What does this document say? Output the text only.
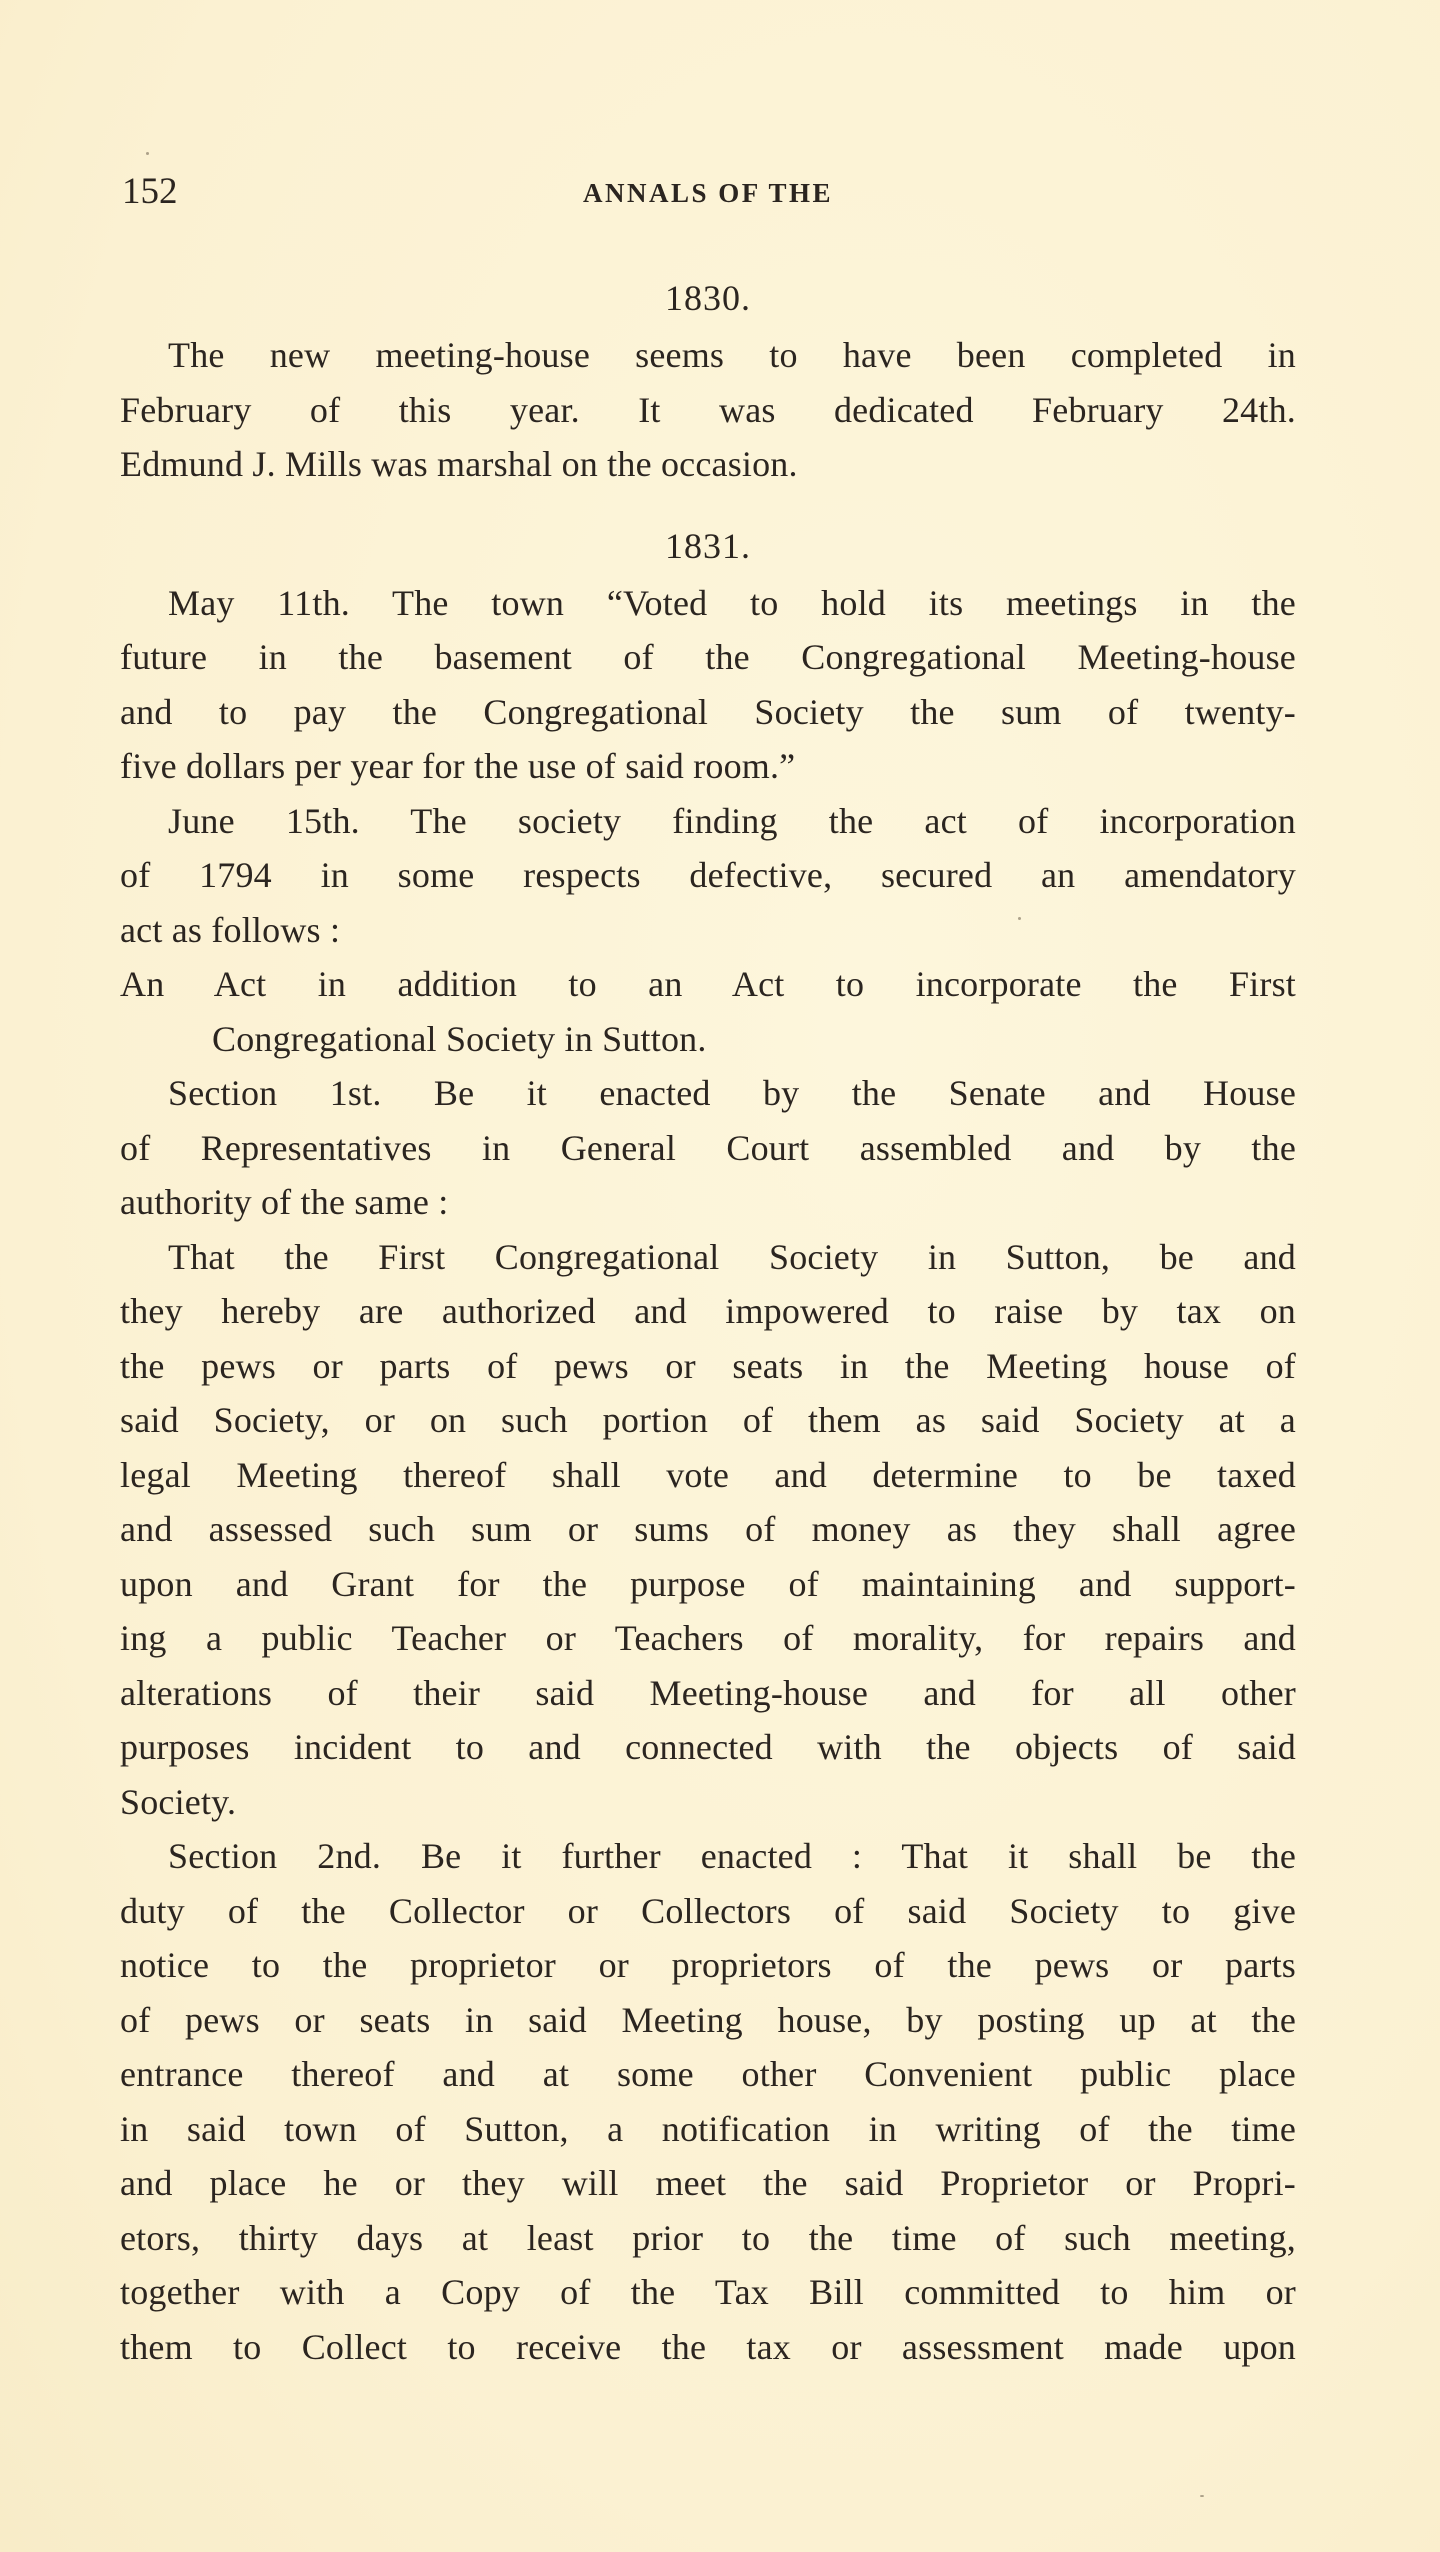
152	ANNALS OF THE
1830.
The new meeting-house seems to have been completed in
February of this year. It was dedicated February 24th.
Edmund J. Mills was marshal on the occasion.
1831.
May 11th. The town “Voted to hold its meetings in the
future in the basement of the Congregational Meeting-house
and to pay the Congregational Society the sum of twenty-
five dollars per year for the use of said room.”
June 15th. The society finding the act of incorporation
of 1794 in some respects defective, secured an amendatory
act as follows :
An Act in addition to an Act to incorporate the First
Congregational Society in Sutton.
Section 1st. Be it enacted by the Senate and House
of Representatives in General Court assembled and by the
authority of the same :
That the First Congregational Society in Sutton, be and
they hereby are authorized and impowered to raise by tax on
the pews or parts of pews or seats in the Meeting house of
said Society, or on such portion of them as said Society at a
legal Meeting thereof shall vote and determine to be taxed
and assessed such sum or sums of money as they shall agree
upon and Grant for the purpose of maintaining and support-
ing a public Teacher or Teachers of morality, for repairs and
alterations of their said Meeting-house and for all other
purposes incident to and connected with the objects of said
Society.
Section 2nd. Be it further enacted : That it shall be the
duty of the Collector or Collectors of said Society to give
notice to the proprietor or proprietors of the pews or parts
of pews or seats in said Meeting house, by posting up at the
entrance thereof and at some other Convenient public place
in said town of Sutton, a notification in writing of the time
and place he or they will meet the said Proprietor or Propri-
etors, thirty days at least prior to the time of such meeting,
together with a Copy of the Tax Bill committed to him or
them to Collect to receive the tax or assessment made upon
